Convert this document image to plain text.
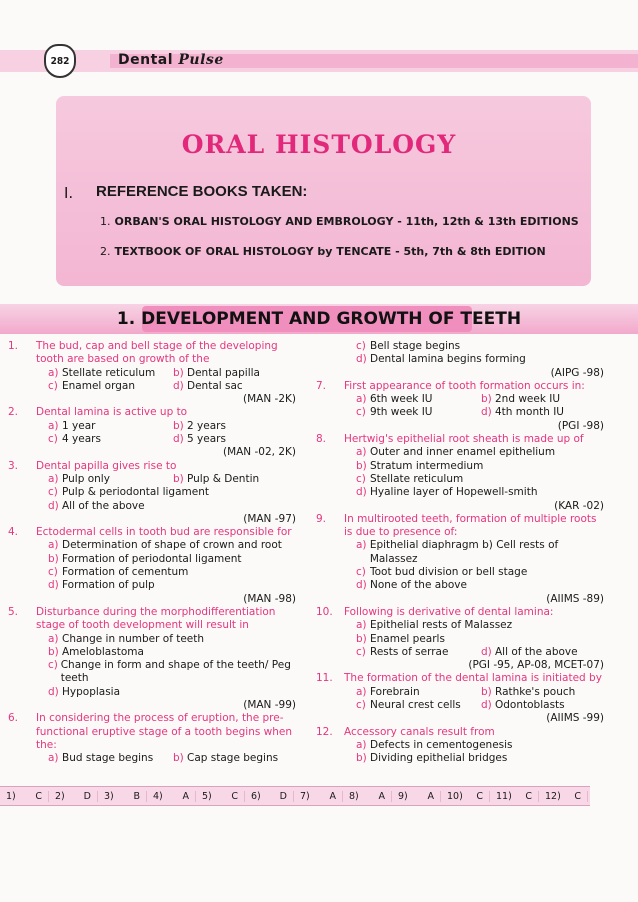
282	Dental Pulse
ORAL HISTOLOGY
I. REFERENCE BOOKS TAKEN:
1. ORBAN'S ORAL HISTOLOGY AND EMBROLOGY - 11th, 12th & 13th EDITIONS
2. TEXTBOOK OF ORAL HISTOLOGY by TENCATE - 5th, 7th & 8th EDITION
1. DEVELOPMENT AND GROWTH OF TEETH
1.	The bud, cap and bell stage of the developing tooth are based on growth of the
a) Stellate reticulum b) Dental papilla
c) Enamel organ	d) Dental sac
(MAN -2K)
2.	Dental lamina is active up to
a) 1 year	b) 2 years
c) 4 years	d) 5 years
(MAN -02, 2K)
3.	Dental papilla gives rise to
a) Pulp only	b) Pulp & Dentin
c) Pulp & periodontal ligament
d) All of the above
(MAN -97)
4.	Ectodermal cells in tooth bud are responsible for
a) Determination of shape of crown and root
b) Formation of periodontal ligament
c) Formation of cementum
d) Formation of pulp
(MAN -98)
5.	Disturbance during the morphodifferentiation stage of tooth development will result in
a) Change in number of teeth
b) Ameloblastoma
c) Change in form and shape of the teeth/ Peg teeth
d) Hypoplasia
(MAN -99)
6.	In considering the process of eruption, the pre-functional eruptive stage of a tooth begins when the:
a) Bud stage begins b) Cap stage begins
c) Bell stage begins
d) Dental lamina begins forming
(AIPG -98)
7.	First appearance of tooth formation occurs in:
a) 6th week IU	b) 2nd week IU
c) 9th week IU	d) 4th month IU
(PGI -98)
8.	Hertwig's epithelial root sheath is made up of
a) Outer and inner enamel epithelium
b) Stratum intermedium
c) Stellate reticulum
d) Hyaline layer of Hopewell-smith
(KAR -02)
9.	In multirooted teeth, formation of multiple roots is due to presence of:
a) Epithelial diaphragm b) Cell rests of Malassez
c) Toot bud division or bell stage
d) None of the above
(AIIMS -89)
10.	Following is derivative of dental lamina:
a) Epithelial rests of Malassez
b) Enamel pearls
c) Rests of serrae	d) All of the above
(PGI -95, AP-08, MCET-07)
11.	The formation of the dental lamina is initiated by
a) Forebrain	b) Rathke's pouch
c) Neural crest cells d) Odontoblasts
(AIIMS -99)
12.	Accessory canals result from
a) Defects in cementogenesis
b) Dividing epithelial bridges
1) C 2) D 3) B 4) A 5) C 6) D 7) A 8) A 9) A 10) C 11) C 12) C
